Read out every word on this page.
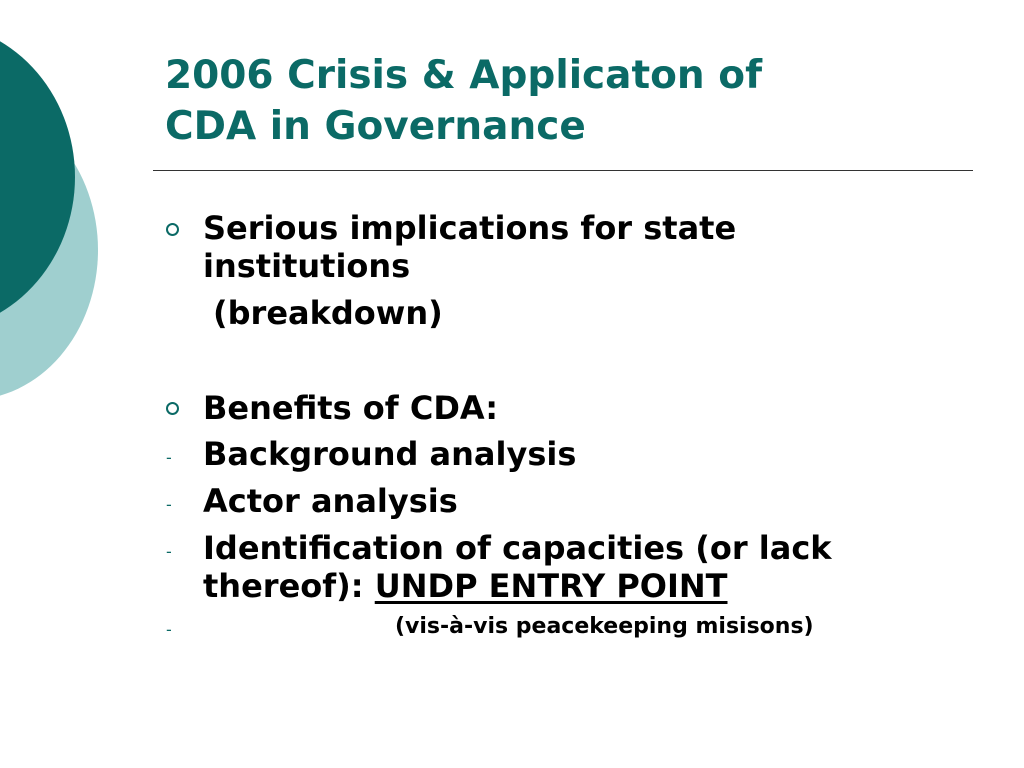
2006 Crisis & Applicaton of
CDA in Governance
Serious implications for state
institutions
(breakdown)
Benefits of CDA:
- Background analysis
- Actor analysis
- Identification of capacities (or lack
thereof): UNDP ENTRY POINT
-	(vis-à-vis peacekeeping misisons)
